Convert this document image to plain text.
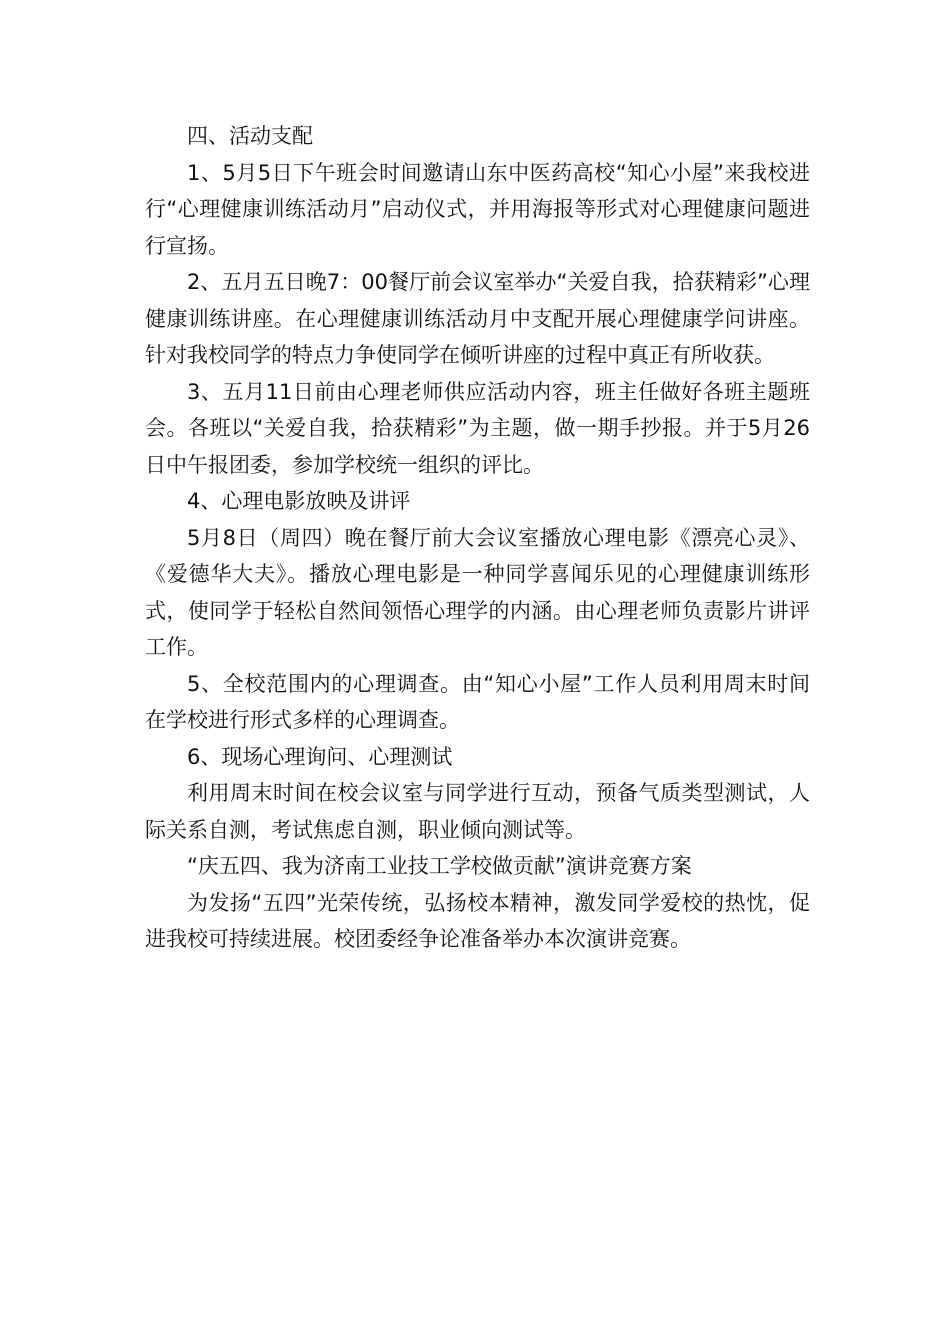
四、活动支配

1、5月5日下午班会时间邀请山东中医药高校“知心小屋”来我校进行“心理健康训练活动月”启动仪式，并用海报等形式对心理健康问题进行宣扬。

2、五月五日晚7：00餐厅前会议室举办“关爱自我，拾获精彩”心理健康训练讲座。在心理健康训练活动月中支配开展心理健康学问讲座。针对我校同学的特点力争使同学在倾听讲座的过程中真正有所收获。

3、五月11日前由心理老师供应活动内容，班主任做好各班主题班会。各班以“关爱自我，拾获精彩”为主题，做一期手抄报。并于5月26日中午报团委，参加学校统一组织的评比。

4、心理电影放映及讲评

5月8日（周四）晚在餐厅前大会议室播放心理电影《漂亮心灵》、《爱德华大夫》。播放心理电影是一种同学喜闻乐见的心理健康训练形式，使同学于轻松自然间领悟心理学的内涵。由心理老师负责影片讲评工作。

5、全校范围内的心理调查。由“知心小屋”工作人员利用周末时间在学校进行形式多样的心理调查。

6、现场心理询问、心理测试

利用周末时间在校会议室与同学进行互动，预备气质类型测试，人际关系自测，考试焦虑自测，职业倾向测试等。

“庆五四、我为济南工业技工学校做贡献”演讲竞赛方案

为发扬“五四”光荣传统，弘扬校本精神，激发同学爱校的热忱，促进我校可持续进展。校团委经争论准备举办本次演讲竞赛。
